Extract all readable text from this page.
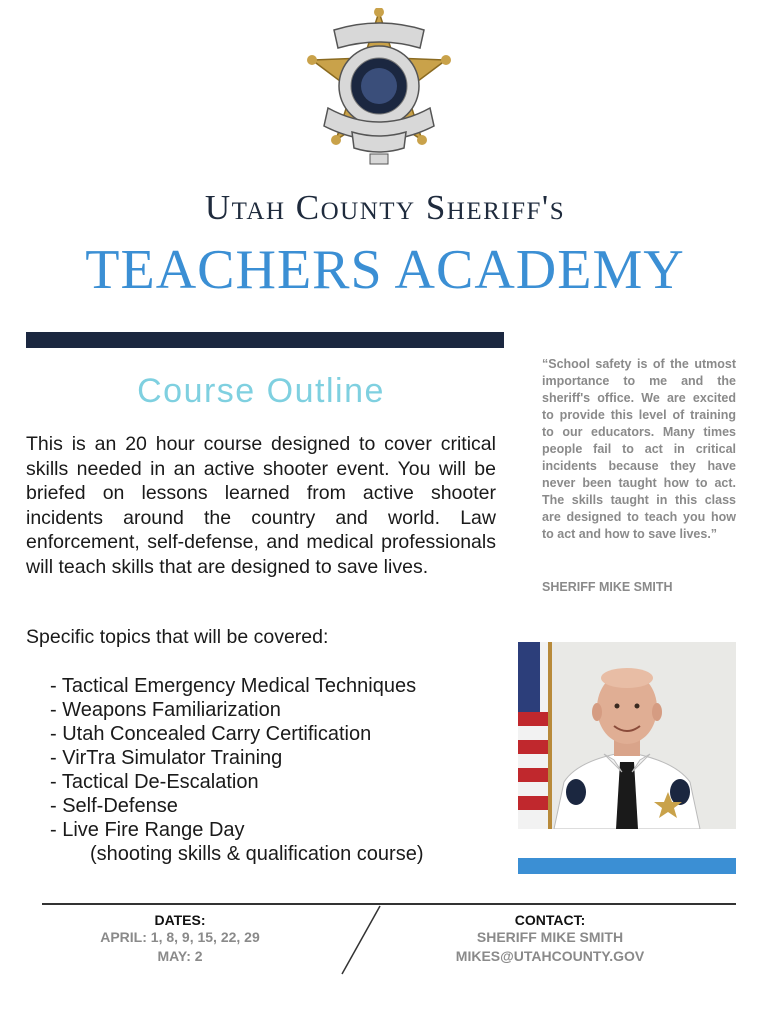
Utah County Sheriff's
TEACHERS ACADEMY
Course Outline
This is an 20 hour course designed to cover critical skills needed in an active shooter event. You will be briefed on lessons learned from active shooter incidents around the country and world. Law enforcement, self-defense, and medical professionals will teach skills that are designed to save lives.
Specific topics that will be covered:
- Tactical Emergency Medical Techniques
- Weapons Familiarization
- Utah Concealed Carry Certification
- VirTra Simulator Training
- Tactical De-Escalation
- Self-Defense
- Live Fire Range Day
(shooting skills & qualification course)
“School safety is of the utmost importance to me and the sheriff's office. We are excited to provide this level of training to our educators. Many times people fail to act in critical incidents because they have never been taught how to act. The skills taught in this class are designed to teach you how to act and how to save lives.”
SHERIFF MIKE SMITH
DATES:
APRIL: 1, 8, 9, 15, 22, 29
MAY: 2
CONTACT:
SHERIFF MIKE SMITH
MIKES@UTAHCOUNTY.GOV
